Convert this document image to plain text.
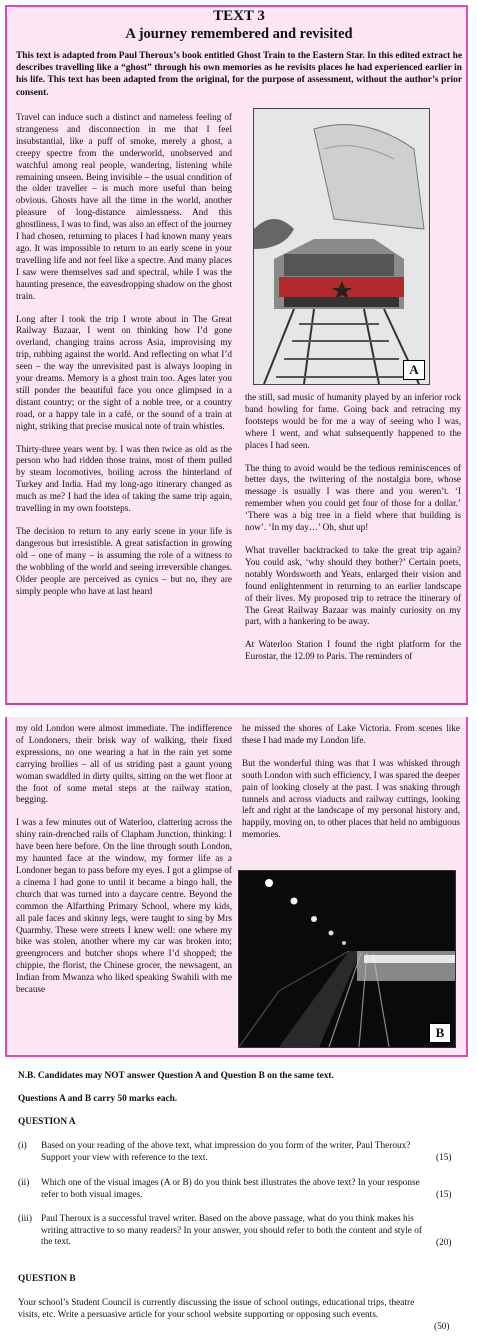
TEXT 3
A journey remembered and revisited
This text is adapted from Paul Theroux’s book entitled Ghost Train to the Eastern Star. In this edited extract he describes travelling like a “ghost” through his own memories as he revisits places he had experienced earlier in his life. This text has been adapted from the original, for the purpose of assessment, without the author’s prior consent.

Travel can induce such a distinct and nameless feeling of strangeness and disconnection in me that I feel insubstantial, like a puff of smoke, merely a ghost, a creepy spectre from the underworld, unobserved and watchful among real people, wandering, listening while remaining unseen. Being invisible – the usual condition of the older traveller – is much more useful than being obvious. Ghosts have all the time in the world, another pleasure of long-distance aimlessness. And this ghostliness, I was to find, was also an effect of the journey I had chosen, returning to places I had known many years ago. It was impossible to return to an early scene in your travelling life and not feel like a spectre. And many places I saw were themselves sad and spectral, while I was the haunting presence, the eavesdropping shadow on the ghost train.

Long after I took the trip I wrote about in The Great Railway Bazaar, I went on thinking how I’d gone overland, changing trains across Asia, improvising my trip, rubbing against the world. And reflecting on what I’d seen – the way the unrevisited past is always looping in your dreams. Memory is a ghost train too. Ages later you still ponder the beautiful face you once glimpsed in a distant country; or the sight of a noble tree, or a country road, or a happy tale in a café, or the sound of a train at night, striking that precise musical note of train whistles.

Thirty-three years went by. I was then twice as old as the person who had ridden those trains, most of them pulled by steam locomotives, boiling across the hinterland of Turkey and India. Had my long-ago itinerary changed as much as me? I had the idea of taking the same trip again, travelling in my own footsteps.

The decision to return to any early scene in your life is dangerous but irresistible. A great satisfaction in growing old – one of many – is assuming the role of a witness to the wobbling of the world and seeing irreversible changes. Older people are perceived as cynics – but no, they are simply people who have at last heard

A

the still, sad music of humanity played by an inferior rock band howling for fame. Going back and retracing my footsteps would be for me a way of seeing who I was, where I went, and what subsequently happened to the places I had seen.

The thing to avoid would be the tedious reminiscences of better days, the twittering of the nostalgia bore, whose message is usually I was there and you weren’t. ‘I remember when you could get four of those for a dollar.’ ‘There was a big tree in a field where that building is now’. ‘In my day…’ Oh, shut up!

What traveller backtracked to take the great trip again? You could ask, ‘why should they bother?’ Certain poets, notably Wordsworth and Yeats, enlarged their vision and found enlightenment in returning to an earlier landscape of their lives. My proposed trip to retrace the itinerary of The Great Railway Bazaar was mainly curiosity on my part, with a hankering to be away.

At Waterloo Station I found the right platform for the Eurostar, the 12.09 to Paris. The reminders of

my old London were almost immediate. The indifference of Londoners, their brisk way of walking, their fixed expressions, no one wearing a hat in the rain yet some carrying brollies – all of us striding past a gaunt young woman swaddled in dirty quilts, sitting on the wet floor at the foot of some metal steps at the railway station, begging.

I was a few minutes out of Waterloo, clattering across the shiny rain-drenched rails of Clapham Junction, thinking: I have been here before. On the line through south London, my haunted face at the window, my former life as a Londoner began to pass before my eyes. I got a glimpse of a cinema I had gone to until it became a bingo hall, the church that was turned into a daycare centre. Beyond the common the Alfarthing Primary School, where my kids, all pale faces and skinny legs, were taught to sing by Mrs Quarmby. These were streets I knew well: one where my bike was stolen, another where my car was broken into; greengrocers and butcher shops where I’d shopped; the chippie, the florist, the Chinese grocer, the newsagent, an Indian from Mwanza who liked speaking Swahili with me because

he missed the shores of Lake Victoria. From scenes like these I had made my London life.

But the wonderful thing was that I was whisked through south London with such efficiency, I was spared the deeper pain of looking closely at the past. I was snaking through tunnels and across viaducts and railway cuttings, looking left and right at the landscape of my personal history and, happily, moving on, to other places that held no ambiguous memories.

B
N.B. Candidates may NOT answer Question A and Question B on the same text.
Questions A and B carry 50 marks each.
QUESTION A
(i)	Based on your reading of the above text, what impression do you form of the writer, Paul Theroux? Support your view with reference to the text.	(15)
(ii)	Which one of the visual images (A or B) do you think best illustrates the above text? In your response refer to both visual images.	(15)
(iii) Paul Theroux is a successful travel writer. Based on the above passage, what do you think makes his writing attractive to so many readers? In your answer, you should refer to both the content and style of the text.	(20)
QUESTION B
Your school’s Student Council is currently discussing the issue of school outings, educational trips, theatre visits, etc. Write a persuasive article for your school website supporting or opposing such events.
(50)
